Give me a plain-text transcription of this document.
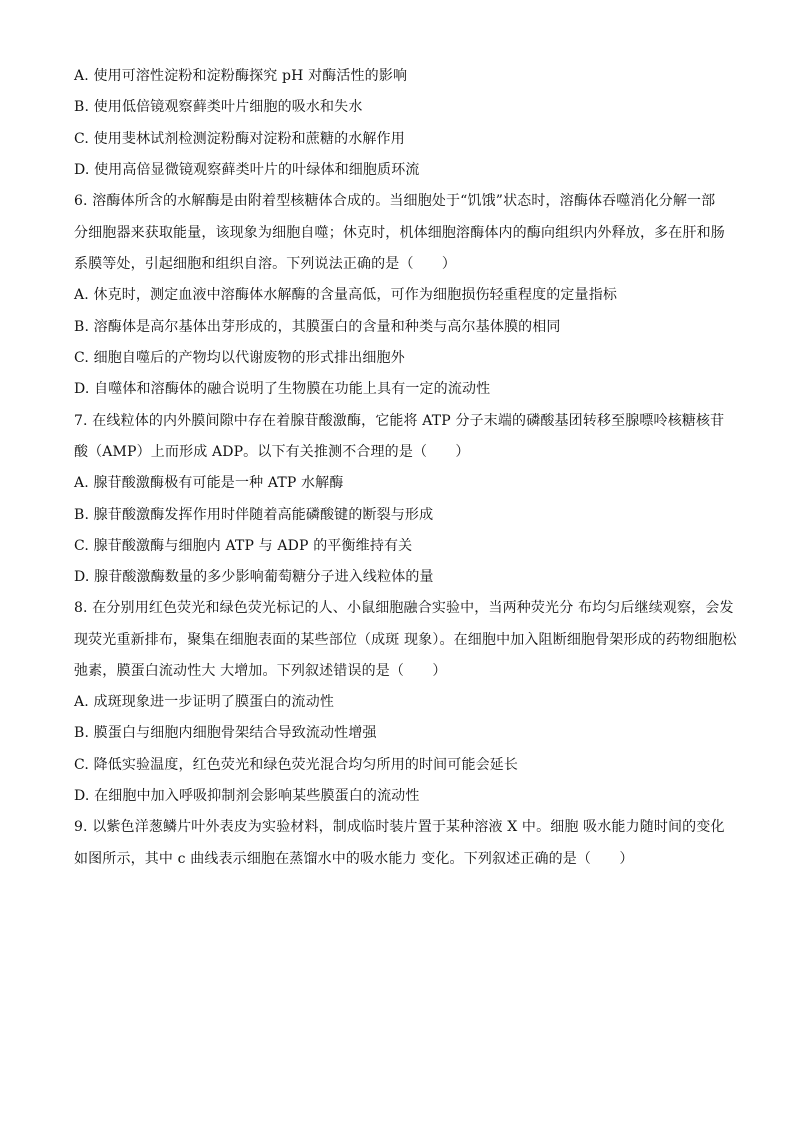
A. 使用可溶性淀粉和淀粉酶探究 pH 对酶活性的影响
B. 使用低倍镜观察藓类叶片细胞的吸水和失水
C. 使用斐林试剂检测淀粉酶对淀粉和蔗糖的水解作用
D. 使用高倍显微镜观察藓类叶片的叶绿体和细胞质环流
6. 溶酶体所含的水解酶是由附着型核糖体合成的。当细胞处于“饥饿”状态时，溶酶体吞噬消化分解一部
分细胞器来获取能量，该现象为细胞自噬；休克时，机体细胞溶酶体内的酶向组织内外释放，多在肝和肠
系膜等处，引起细胞和组织自溶。下列说法正确的是（　　）
A. 休克时，测定血液中溶酶体水解酶的含量高低，可作为细胞损伤轻重程度的定量指标
B. 溶酶体是高尔基体出芽形成的，其膜蛋白的含量和种类与高尔基体膜的相同
C. 细胞自噬后的产物均以代谢废物的形式排出细胞外
D. 自噬体和溶酶体的融合说明了生物膜在功能上具有一定的流动性
7. 在线粒体的内外膜间隙中存在着腺苷酸激酶，它能将 ATP 分子末端的磷酸基团转移至腺嘌呤核糖核苷
酸（AMP）上而形成 ADP。以下有关推测不合理的是（　　）
A. 腺苷酸激酶极有可能是一种 ATP 水解酶
B. 腺苷酸激酶发挥作用时伴随着高能磷酸键的断裂与形成
C. 腺苷酸激酶与细胞内 ATP 与 ADP 的平衡维持有关
D. 腺苷酸激酶数量的多少影响葡萄糖分子进入线粒体的量
8. 在分别用红色荧光和绿色荧光标记的人、小鼠细胞融合实验中，当两种荧光分 布均匀后继续观察，会发
现荧光重新排布，聚集在细胞表面的某些部位（成斑 现象）。在细胞中加入阻断细胞骨架形成的药物细胞松
弛素，膜蛋白流动性大 大增加。下列叙述错误的是（　　）
A. 成斑现象进一步证明了膜蛋白的流动性
B. 膜蛋白与细胞内细胞骨架结合导致流动性增强
C. 降低实验温度，红色荧光和绿色荧光混合均匀所用的时间可能会延长
D. 在细胞中加入呼吸抑制剂会影响某些膜蛋白的流动性
9. 以紫色洋葱鳞片叶外表皮为实验材料，制成临时装片置于某种溶液 X 中。细胞 吸水能力随时间的变化
如图所示，其中 c 曲线表示细胞在蒸馏水中的吸水能力 变化。下列叙述正确的是（　　）
